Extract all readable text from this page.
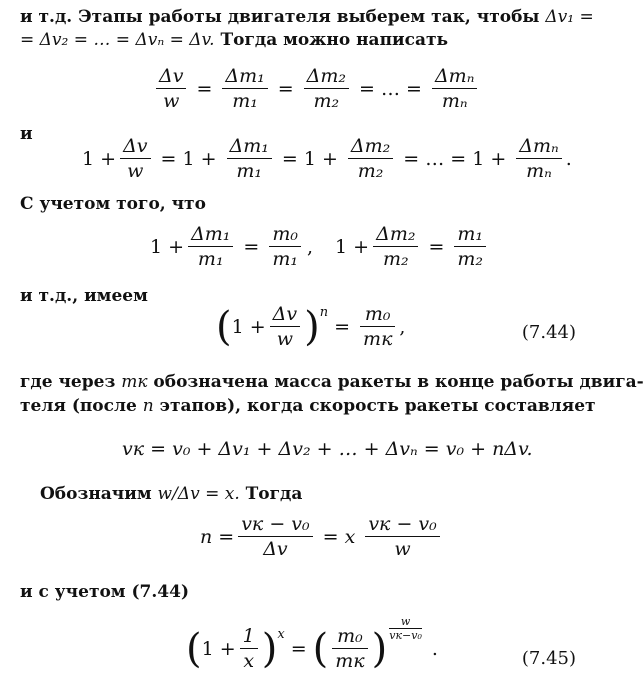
и т.д. Этапы работы двигателя выберем так, чтобы Δv₁ =
= Δv₂ = … = Δvₙ = Δv. Тогда можно написать
$\frac{\Delta v}{w} = \frac{\text{Δm₁}}{\text{m₁}} = \frac{\text{Δm₂}}{\text{m₂}}$ = … = $\frac{\text{Δmₙ}}{\text{mₙ}}$
и
$1 + \frac{\Delta v}{w} = 1 + \frac{\text{Δm₁}}{\text{m₁}} = 1 + \frac{\text{Δm₂}}{\text{m₂}}$ = … = $1 + \frac{\text{Δmₙ}}{\text{mₙ}}$ .
С учетом того, что
$1 + \frac{\text{Δm₁}}{\text{m₁}} = \frac{\text{m₀}}{\text{m₁}}$ , $1 + \frac{\text{Δm₂}}{\text{m₂}} = \frac{\text{m₁}}{\text{m₂}}$
и т.д., имеем
( $1 + \frac{\Delta v}{w}$ ) n
= $\frac{\text{m₀}}{mк}$ ,	(7.44)
где через mк обозначена масса ракеты в конце работы двига-
теля (после n этапов), когда скорость ракеты составляет
vк = v₀ + Δv₁ + Δv₂ + … + Δvₙ = v₀ + nΔv.
Обозначим w/Δv = x. Тогда
$n = \frac{\text{vк − v₀}}{\Delta v} = x \frac{\text{vк − v₀}}{w}$
и с учетом (7.44)
( $1 + \frac{1}{x}$ ) x
= ( $\frac{\text{m₀}}{mк}$ )
w
vк−v₀
.	(7.45)
